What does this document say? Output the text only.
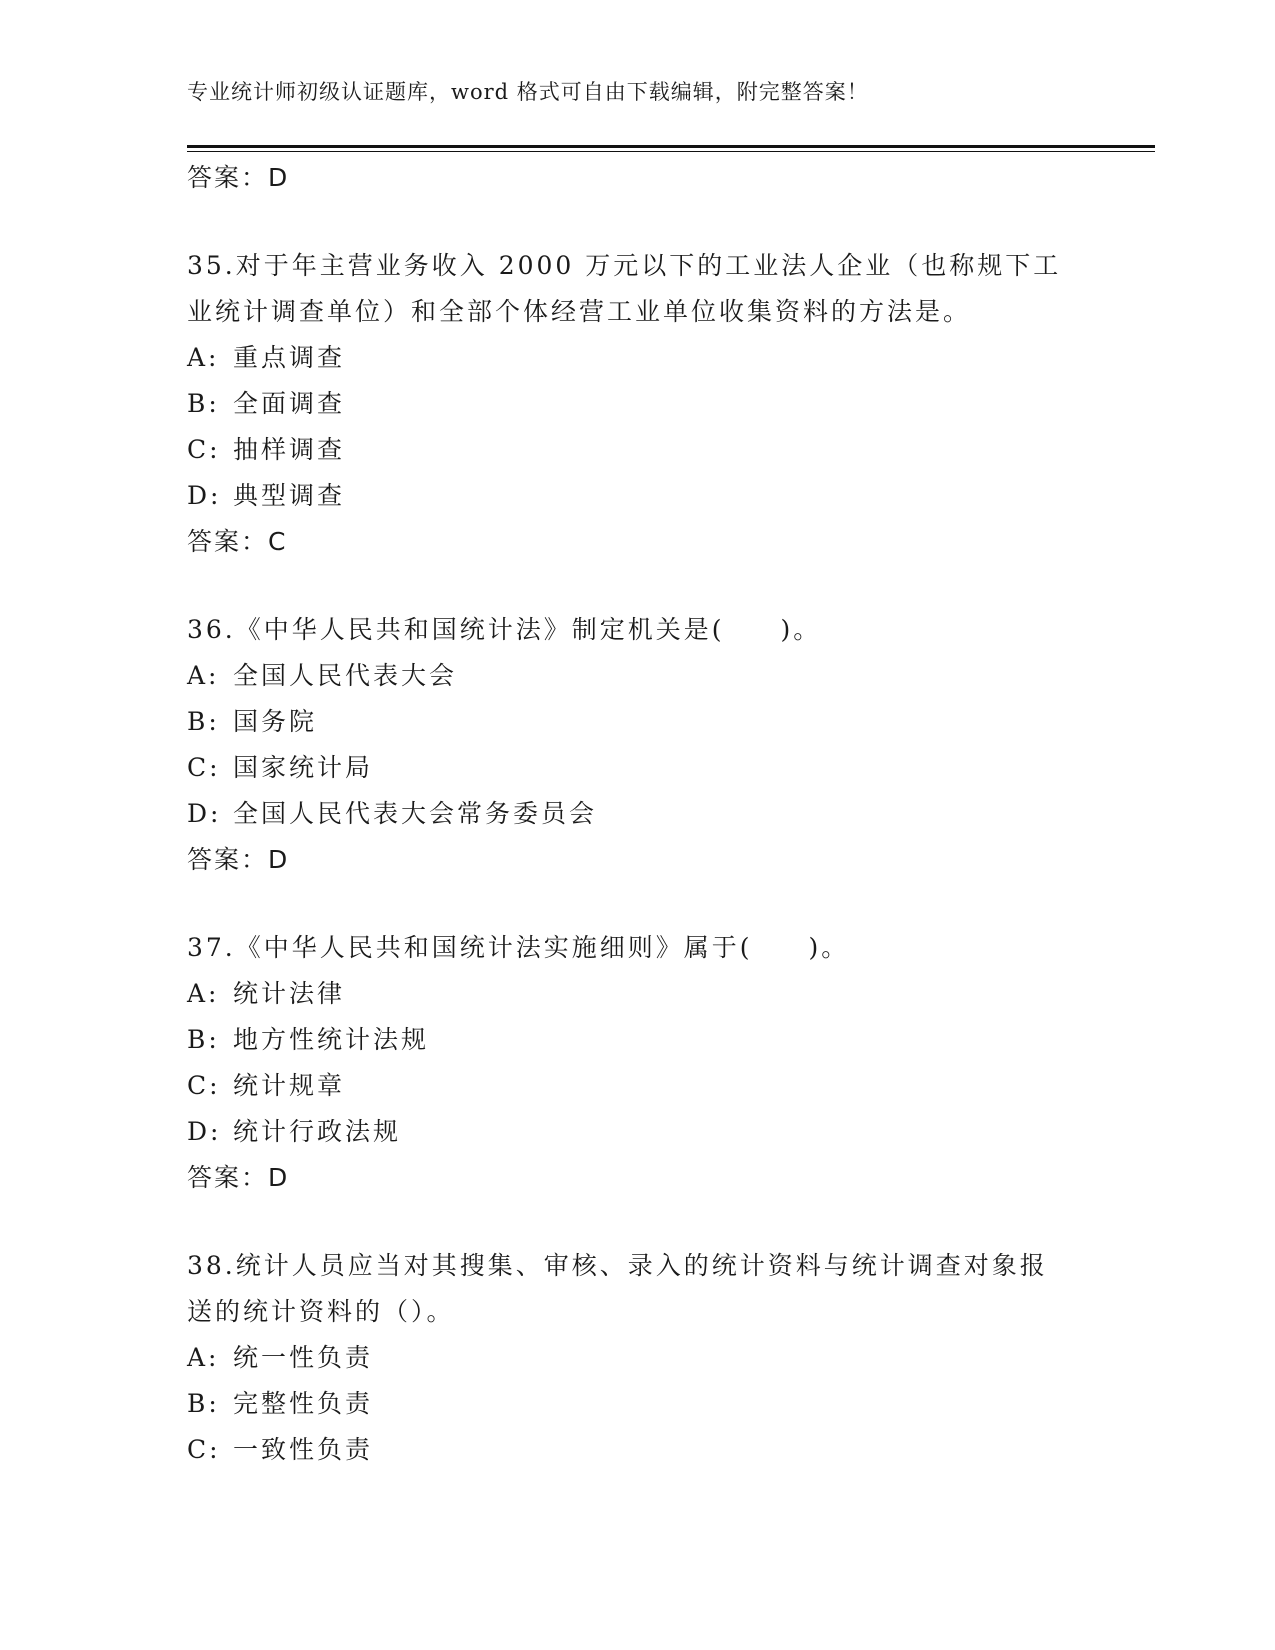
专业统计师初级认证题库，word 格式可自由下载编辑，附完整答案！
答案：D
35.对于年主营业务收入 2000 万元以下的工业法人企业（也称规下工
业统计调查单位）和全部个体经营工业单位收集资料的方法是。
A: 重点调查
B: 全面调查
C: 抽样调查
D: 典型调查
答案：C
36.《中华人民共和国统计法》制定机关是(　　)。
A: 全国人民代表大会
B: 国务院
C: 国家统计局
D: 全国人民代表大会常务委员会
答案：D
37.《中华人民共和国统计法实施细则》属于(　　)。
A: 统计法律
B: 地方性统计法规
C: 统计规章
D: 统计行政法规
答案：D
38.统计人员应当对其搜集、审核、录入的统计资料与统计调查对象报
送的统计资料的（）。
A: 统一性负责
B: 完整性负责
C: 一致性负责
